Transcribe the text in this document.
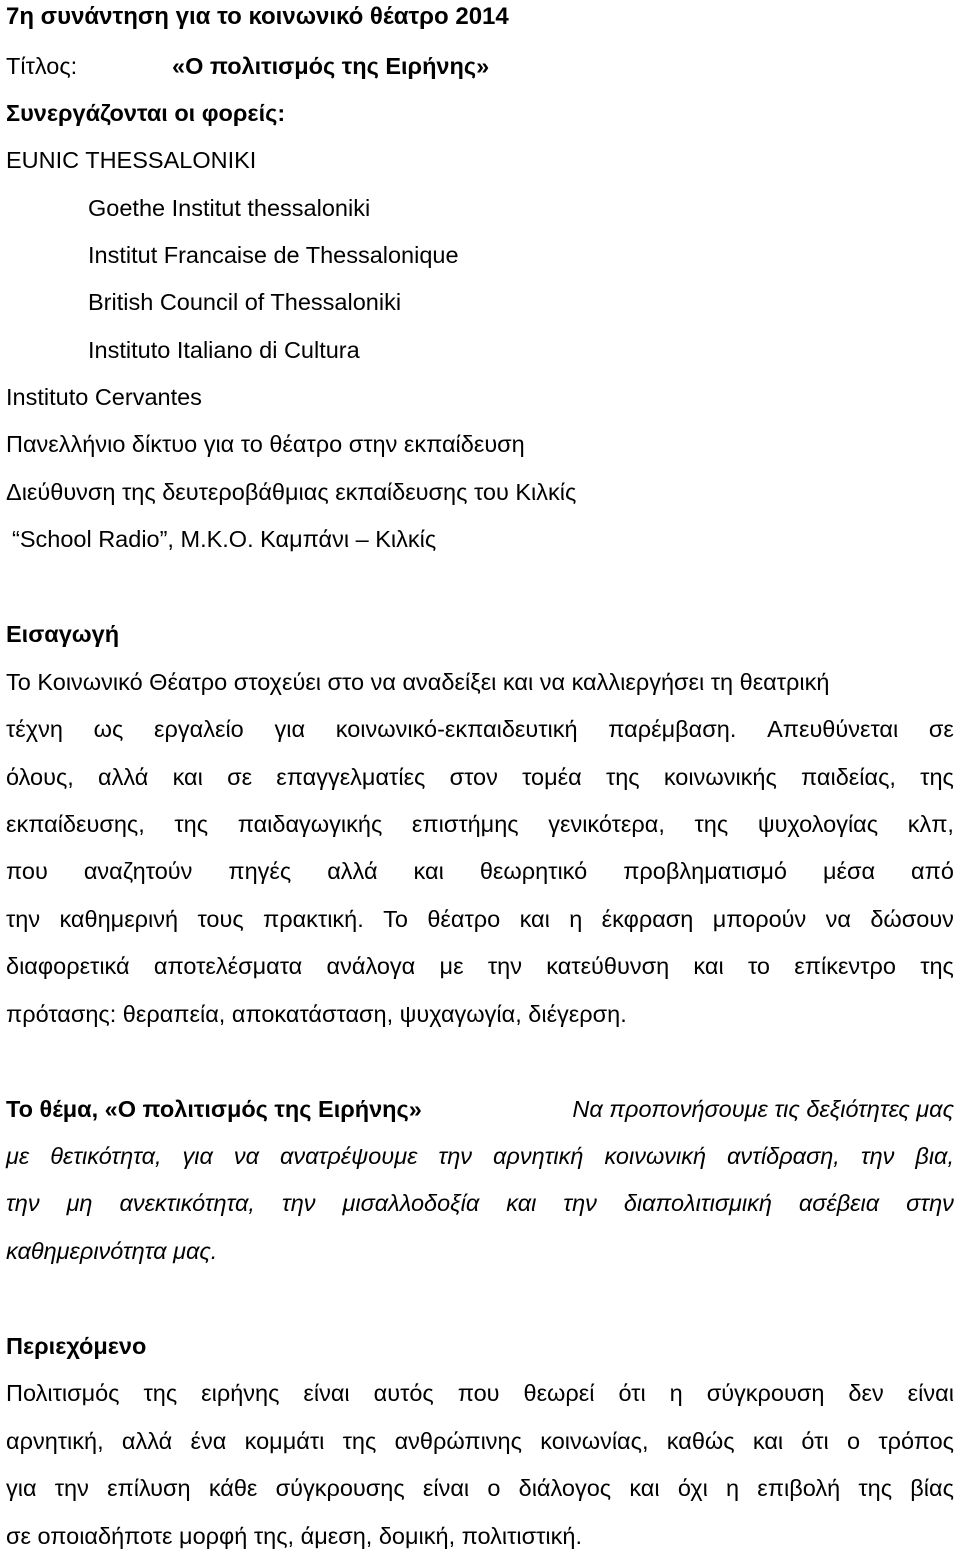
7η συνάντηση για το κοινωνικό θέατρο 2014
Τίτλος:	«Ο πολιτισμός της Ειρήνης»
Συνεργάζονται οι φορείς:
EUNIC THESSALONIKI
Goethe Institut thessaloniki
Institut Francaise de Thessalonique
British Council of Thessaloniki
Instituto Italiano di Cultura
Instituto Cervantes
Πανελλήνιο δίκτυο για το θέατρο στην εκπαίδευση
Διεύθυνση της δευτεροβάθμιας εκπαίδευσης του Κιλκίς
“School Radio”, Μ.Κ.Ο. Καμπάνι – Κιλκίς
Εισαγωγή
Το Κοινωνικό Θέατρο στοχεύει στο να αναδείξει και να καλλιεργήσει τη θεατρική
τέχνη ως εργαλείο για κοινωνικό-εκπαιδευτική παρέμβαση. Απευθύνεται σε
όλους, αλλά και σε επαγγελματίες στον τομέα της κοινωνικής παιδείας, της
εκπαίδευσης, της παιδαγωγικής επιστήμης γενικότερα, της ψυχολογίας κλπ,
που αναζητούν πηγές αλλά και θεωρητικό προβληματισμό μέσα από
την καθημερινή τους πρακτική. Το θέατρο και η έκφραση μπορούν να δώσουν
διαφορετικά αποτελέσματα ανάλογα με την κατεύθυνση και το επίκεντρο της
πρότασης: θεραπεία, αποκατάσταση, ψυχαγωγία, διέγερση.
Το θέμα, «Ο πολιτισμός της Ειρήνης»	Να προπονήσουμε τις δεξιότητες μας
με θετικότητα, για να ανατρέψουμε την αρνητική κοινωνική αντίδραση, την βια,
την μη ανεκτικότητα, την μισαλλοδοξία και την διαπολιτισμική ασέβεια στην
καθημερινότητα μας.
Περιεχόμενο
Πολιτισμός της ειρήνης είναι αυτός που θεωρεί ότι η σύγκρουση δεν είναι
αρνητική, αλλά ένα κομμάτι της ανθρώπινης κοινωνίας, καθώς και ότι ο τρόπος
για την επίλυση κάθε σύγκρουσης είναι ο διάλογος και όχι η επιβολή της βίας
σε οποιαδήποτε μορφή της, άμεση, δομική, πολιτιστική.
